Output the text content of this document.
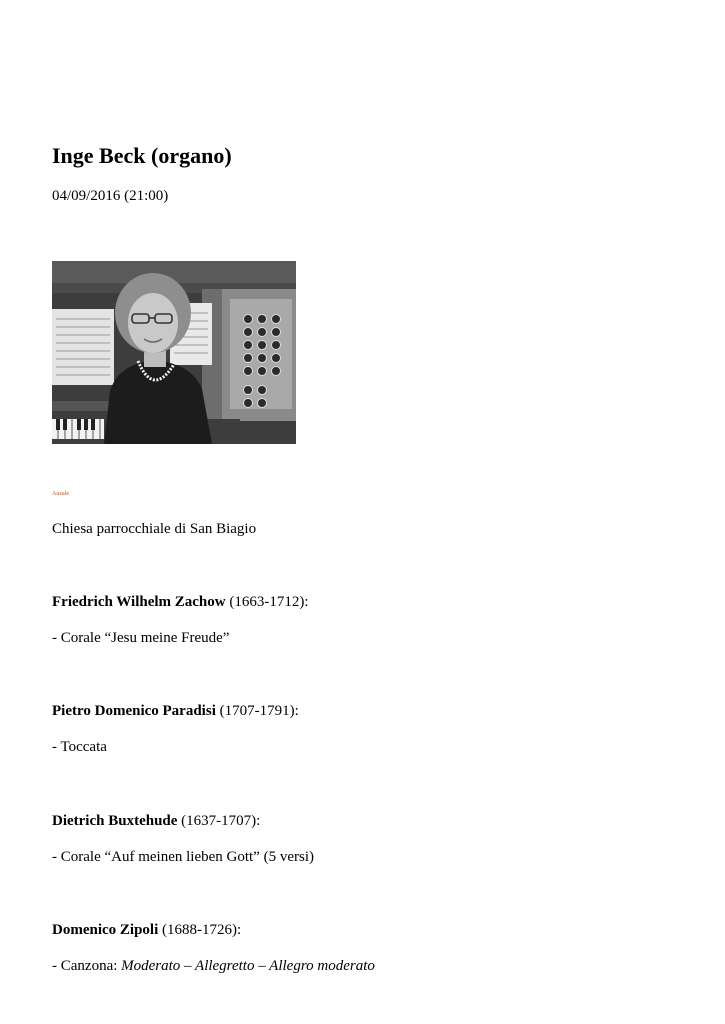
Inge Beck (organo)
04/09/2016 (21:00)
Auzale
Chiesa parrocchiale di San Biagio
Friedrich Wilhelm Zachow (1663-1712):
- Corale “Jesu meine Freude”
Pietro Domenico Paradisi (1707-1791):
- Toccata
Dietrich Buxtehude (1637-1707):
- Corale “Auf meinen lieben Gott” (5 versi)
Domenico Zipoli (1688-1726):
- Canzona: Moderato – Allegretto – Allegro moderato
